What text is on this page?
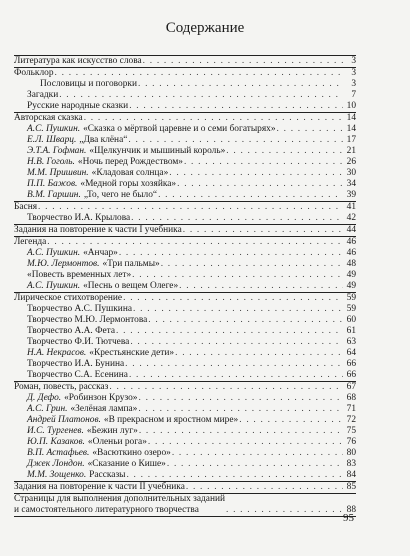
Содержание
Литература как искусство слова . . .	3
Фольклор . . .	3
Пословицы и поговорки . . .	3
Загадки . . .	7
Русские народные сказки . . .	10
Авторская сказка . . .	14
А.С. Пушкин. «Сказка о мёртвой царевне и о семи богатырях» . . .	14
Е.Л. Шварц. „Два клёна“ . . .	17
Э.Т.А. Гофман. «Щелкунчик и мышиный король» . . .	21
Н.В. Гоголь. «Ночь перед Рождеством» . . .	26
М.М. Пришвин. «Кладовая солнца» . . .	30
П.П. Бажов. «Медной горы хозяйка» . . .	34
В.М. Гаршин. „То, чего не было“ . . .	39
Басня . . .	41
Творчество И.А. Крылова . . .	42
Задания на повторение к части I учебника . . .	44
Легенда . . .	46
А.С. Пушкин. «Анчар» . . .	46
М.Ю. Лермонтов. «Три пальмы» . . .	48
«Повесть временных лет» . . .	49
А.С. Пушкин. «Песнь о вещем Олеге» . . .	49
Лирическое стихотворение . . .	59
Творчество А.С. Пушкина . . .	59
Творчество М.Ю. Лермонтова . . .	60
Творчество А.А. Фета . . .	61
Творчество Ф.И. Тютчева . . .	63
Н.А. Некрасов. «Крестьянские дети» . . .	64
Творчество И.А. Бунина . . .	66
Творчество С.А. Есенина . . .	66
Роман, повесть, рассказ . . .	67
Д. Дефо. «Робинзон Крузо» . . .	68
А.С. Грин. «Зелёная лампа» . . .	71
Андрей Платонов. «В прекрасном и яростном мире» . . .	72
И.С. Тургенев. «Бежин луг» . . .	75
Ю.П. Казаков. «Оленьи рога» . . .	76
В.П. Астафьев. «Васюткино озеро» . . .	80
Джек Лондон. «Сказание о Кише» . . .	83
М.М. Зощенко. Рассказы . . .	84
Задания на повторение к части II учебника . . .	85
Страницы для выполнения дополнительных заданий
и самостоятельного литературного творчества . . .	88
95
